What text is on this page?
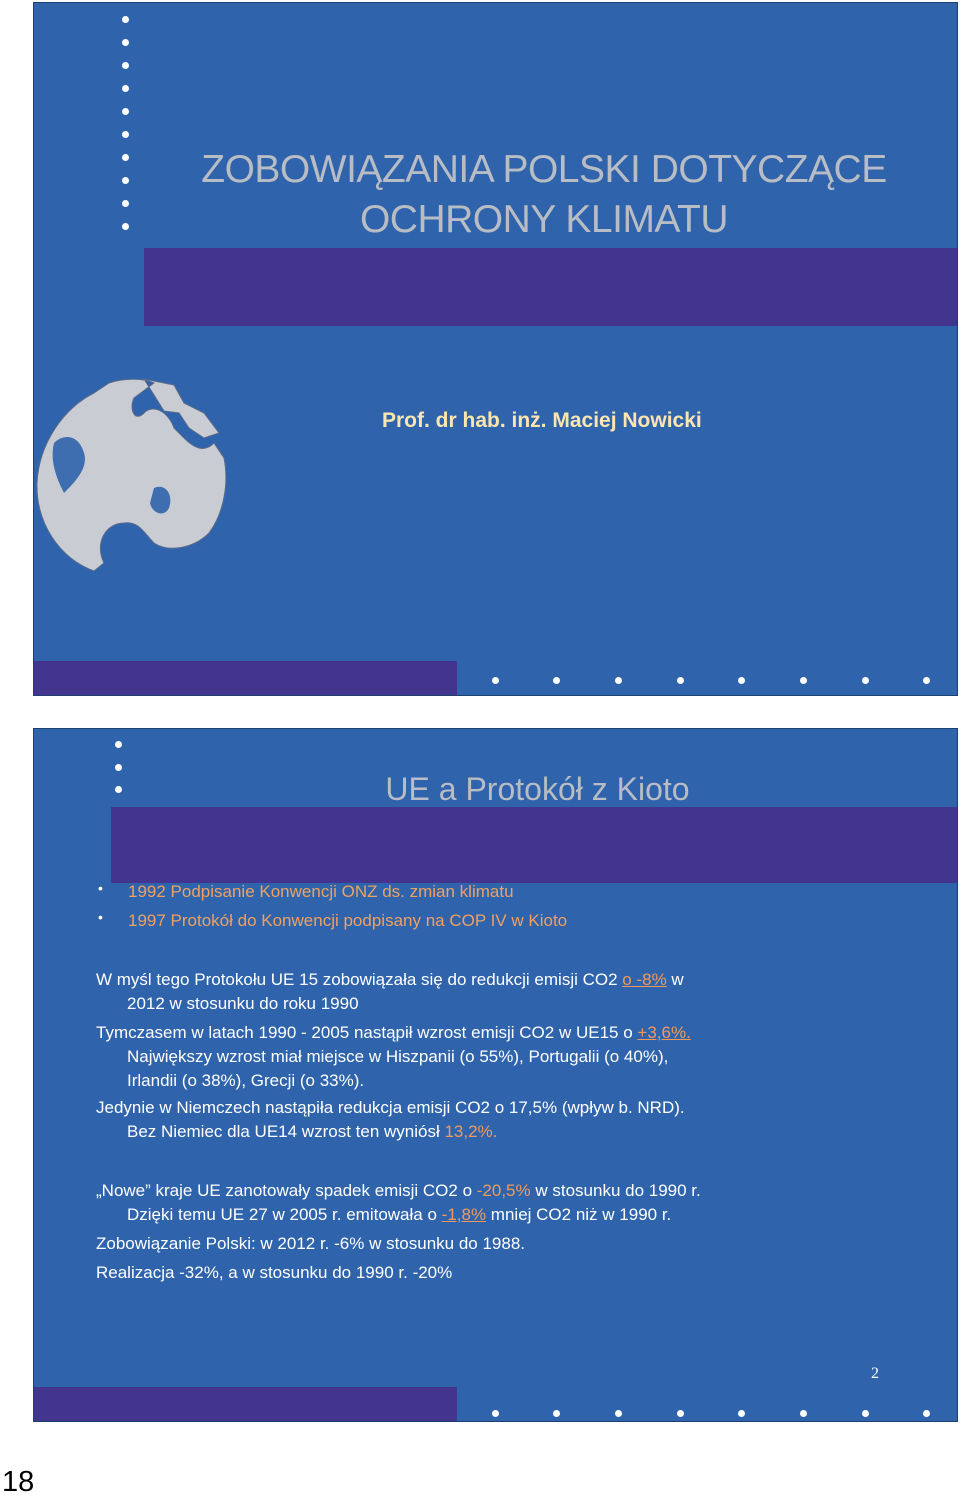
ZOBOWIĄZANIA POLSKI DOTYCZĄCE
OCHRONY KLIMATU
Prof. dr hab. inż. Maciej Nowicki
UE a Protokół z Kioto
• 1992 Podpisanie Konwencji ONZ ds. zmian klimatu
• 1997 Protokół do Konwencji podpisany na COP IV w Kioto
W myśl tego Protokołu UE 15 zobowiązała się do redukcji emisji CO2 o -8% w
2012 w stosunku do roku 1990
Tymczasem w latach 1990 - 2005 nastąpił wzrost emisji CO2 w UE15 o +3,6%.
Największy wzrost miał miejsce w Hiszpanii (o 55%), Portugalii (o 40%),
Irlandii (o 38%), Grecji (o 33%).
Jedynie w Niemczech nastąpiła redukcja emisji CO2 o 17,5% (wpływ b. NRD).
Bez Niemiec dla UE14 wzrost ten wyniósł 13,2%.
„Nowe” kraje UE zanotowały spadek emisji CO2 o -20,5% w stosunku do 1990 r.
Dzięki temu UE 27 w 2005 r. emitowała o -1,8% mniej CO2 niż w 1990 r.
Zobowiązanie Polski: w 2012 r. -6% w stosunku do 1988.
Realizacja -32%, a w stosunku do 1990 r. -20%
2
18
